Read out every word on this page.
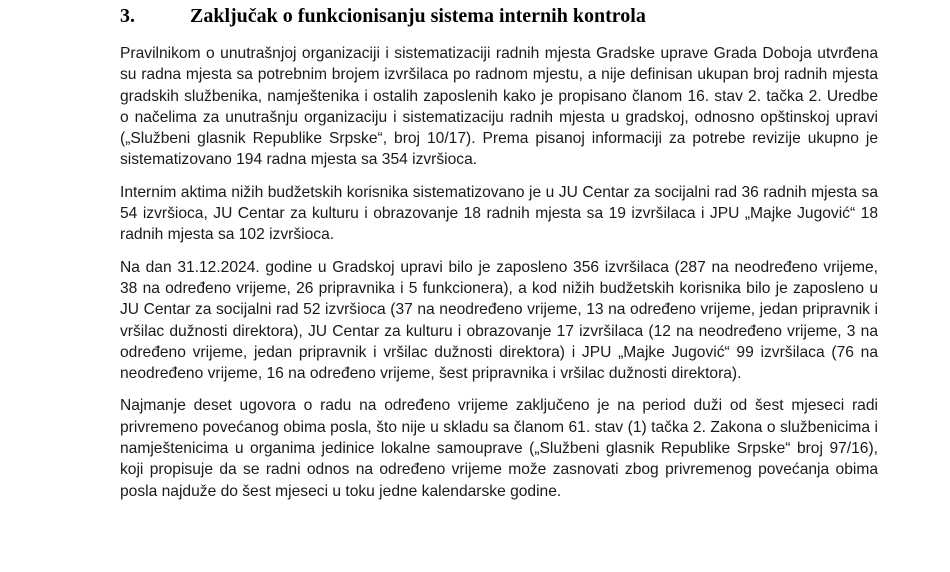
3.	Zaključak o funkcionisanju sistema internih kontrola

Pravilnikom o unutrašnjoj organizaciji i sistematizaciji radnih mjesta Gradske uprave Grada Doboja utvrđena su radna mjesta sa potrebnim brojem izvršilaca po radnom mjestu, a nije definisan ukupan broj radnih mjesta gradskih službenika, namještenika i ostalih zaposlenih kako je propisano članom 16. stav 2. tačka 2. Uredbe o načelima za unutrašnju organizaciju i sistematizaciju radnih mjesta u gradskoj, odnosno opštinskoj upravi („Službeni glasnik Republike Srpske“, broj 10/17). Prema pisanoj informaciji za potrebe revizije ukupno je sistematizovano 194 radna mjesta sa 354 izvršioca.

Internim aktima nižih budžetskih korisnika sistematizovano je u JU Centar za socijalni rad 36 radnih mjesta sa 54 izvršioca, JU Centar za kulturu i obrazovanje 18 radnih mjesta sa 19 izvršilaca i JPU „Majke Jugović“ 18 radnih mjesta sa 102 izvršioca.

Na dan 31.12.2024. godine u Gradskoj upravi bilo je zaposleno 356 izvršilaca (287 na neodređeno vrijeme, 38 na određeno vrijeme, 26 pripravnika i 5 funkcionera), a kod nižih budžetskih korisnika bilo je zaposleno u JU Centar za socijalni rad 52 izvršioca (37 na neodređeno vrijeme, 13 na određeno vrijeme, jedan pripravnik i vršilac dužnosti direktora), JU Centar za kulturu i obrazovanje 17 izvršilaca (12 na neodređeno vrijeme, 3 na određeno vrijeme, jedan pripravnik i vršilac dužnosti direktora) i JPU „Majke Jugović“ 99 izvršilaca (76 na neodređeno vrijeme, 16 na određeno vrijeme, šest pripravnika i vršilac dužnosti direktora).

Najmanje deset ugovora o radu na određeno vrijeme zaključeno je na period duži od šest mjeseci radi privremeno povećanog obima posla, što nije u skladu sa članom 61. stav (1) tačka 2. Zakona o službenicima i namještenicima u organima jedinice lokalne samouprave („Službeni glasnik Republike Srpske“ broj 97/16), koji propisuje da se radni odnos na određeno vrijeme može zasnovati zbog privremenog povećanja obima posla najduže do šest mjeseci u toku jedne kalendarske godine.
